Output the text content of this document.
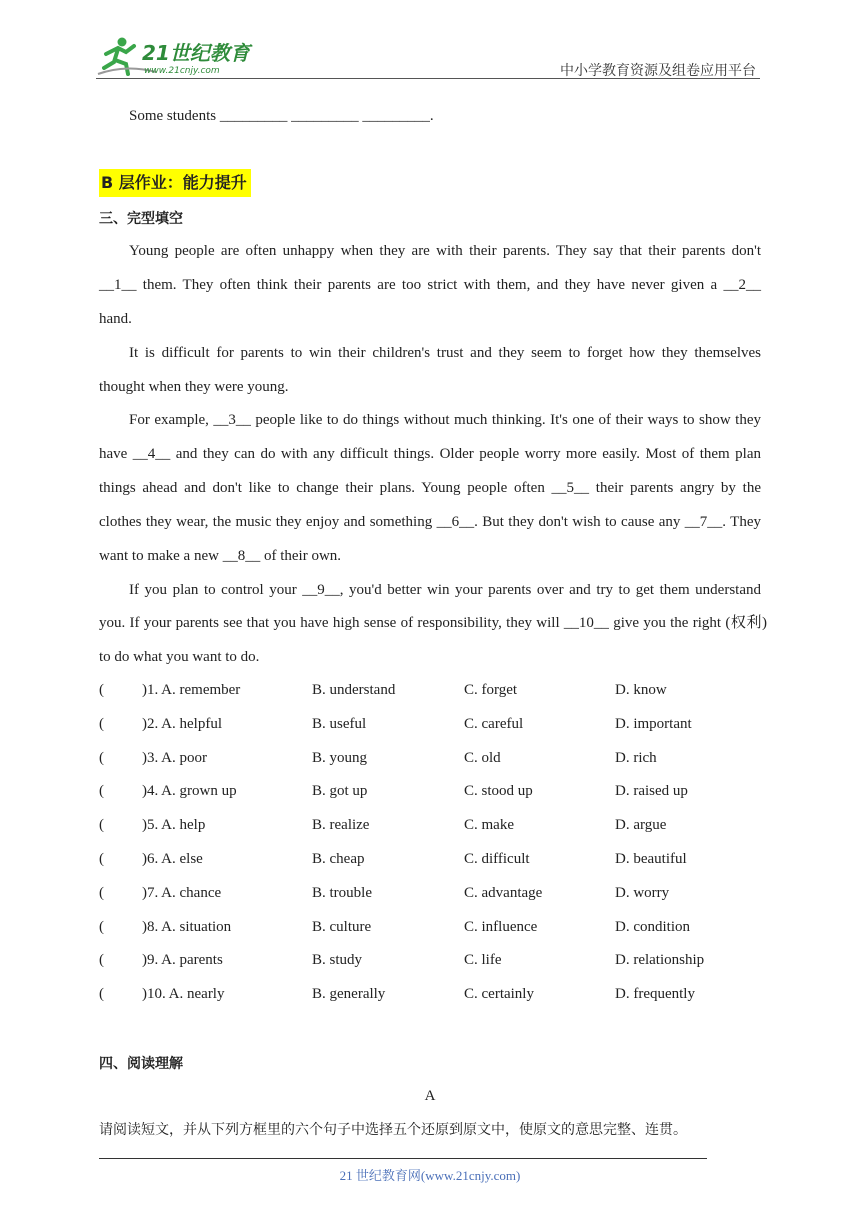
21世纪教育
www.21cnjy.com	中小学教育资源及组卷应用平台
Some students _________ _________ _________.
B 层作业：能力提升
三、完型填空
Young people are often unhappy when they are with their parents. They say that their parents don't
__1__ them. They often think their parents are too strict with them, and they have never given a __2__
hand.
It is difficult for parents to win their children's trust and they seem to forget how they themselves
thought when they were young.
For example, __3__ people like to do things without much thinking. It's one of their ways to show they
have __4__ and they can do with any difficult things. Older people worry more easily. Most of them plan
things ahead and don't like to change their plans. Young people often __5__ their parents angry by the
clothes they wear, the music they enjoy and something __6__. But they don't wish to cause any __7__. They
want to make a new __8__ of their own.
If you plan to control your __9__, you'd better win your parents over and try to get them understand
you. If your parents see that you have high sense of responsibility, they will __10__ give you the right (权利)
to do what you want to do.
(	)1. A. remember	B. understand	C. forget	D. know
(	)2. A. helpful	B. useful	C. careful	D. important
(	)3. A. poor	B. young	C. old	D. rich
(	)4. A. grown up	B. got up	C. stood up	D. raised up
(	)5. A. help	B. realize	C. make	D. argue
(	)6. A. else	B. cheap	C. difficult	D. beautiful
(	)7. A. chance	B. trouble	C. advantage	D. worry
(	)8. A. situation	B. culture	C. influence	D. condition
(	)9. A. parents	B. study	C. life	D. relationship
(	)10. A. nearly	B. generally	C. certainly	D. frequently
四、阅读理解
A
请阅读短文，并从下列方框里的六个句子中选择五个还原到原文中，使原文的意思完整、连贯。
21 世纪教育网(www.21cnjy.com)
